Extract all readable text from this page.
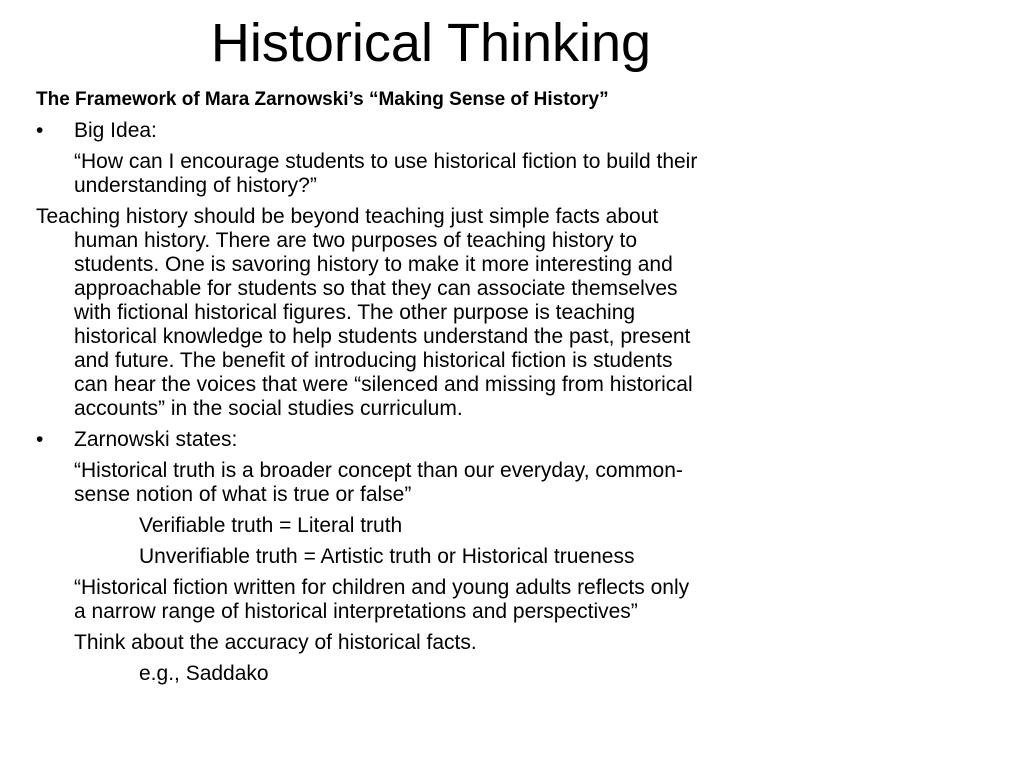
Historical Thinking
The Framework of Mara Zarnowski’s “Making Sense of History”
• Big Idea:
“How can I encourage students to use historical fiction to build their
understanding of history?”
Teaching history should be beyond teaching just simple facts about
human history. There are two purposes of teaching history to
students. One is savoring history to make it more interesting and
approachable for students so that they can associate themselves
with fictional historical figures. The other purpose is teaching
historical knowledge to help students understand the past, present
and future. The benefit of introducing historical fiction is students
can hear the voices that were “silenced and missing from historical
accounts” in the social studies curriculum.
• Zarnowski states:
“Historical truth is a broader concept than our everyday, common-
sense notion of what is true or false”
Verifiable truth = Literal truth
Unverifiable truth = Artistic truth or Historical trueness
“Historical fiction written for children and young adults reflects only
a narrow range of historical interpretations and perspectives”
Think about the accuracy of historical facts.
e.g., Saddako
